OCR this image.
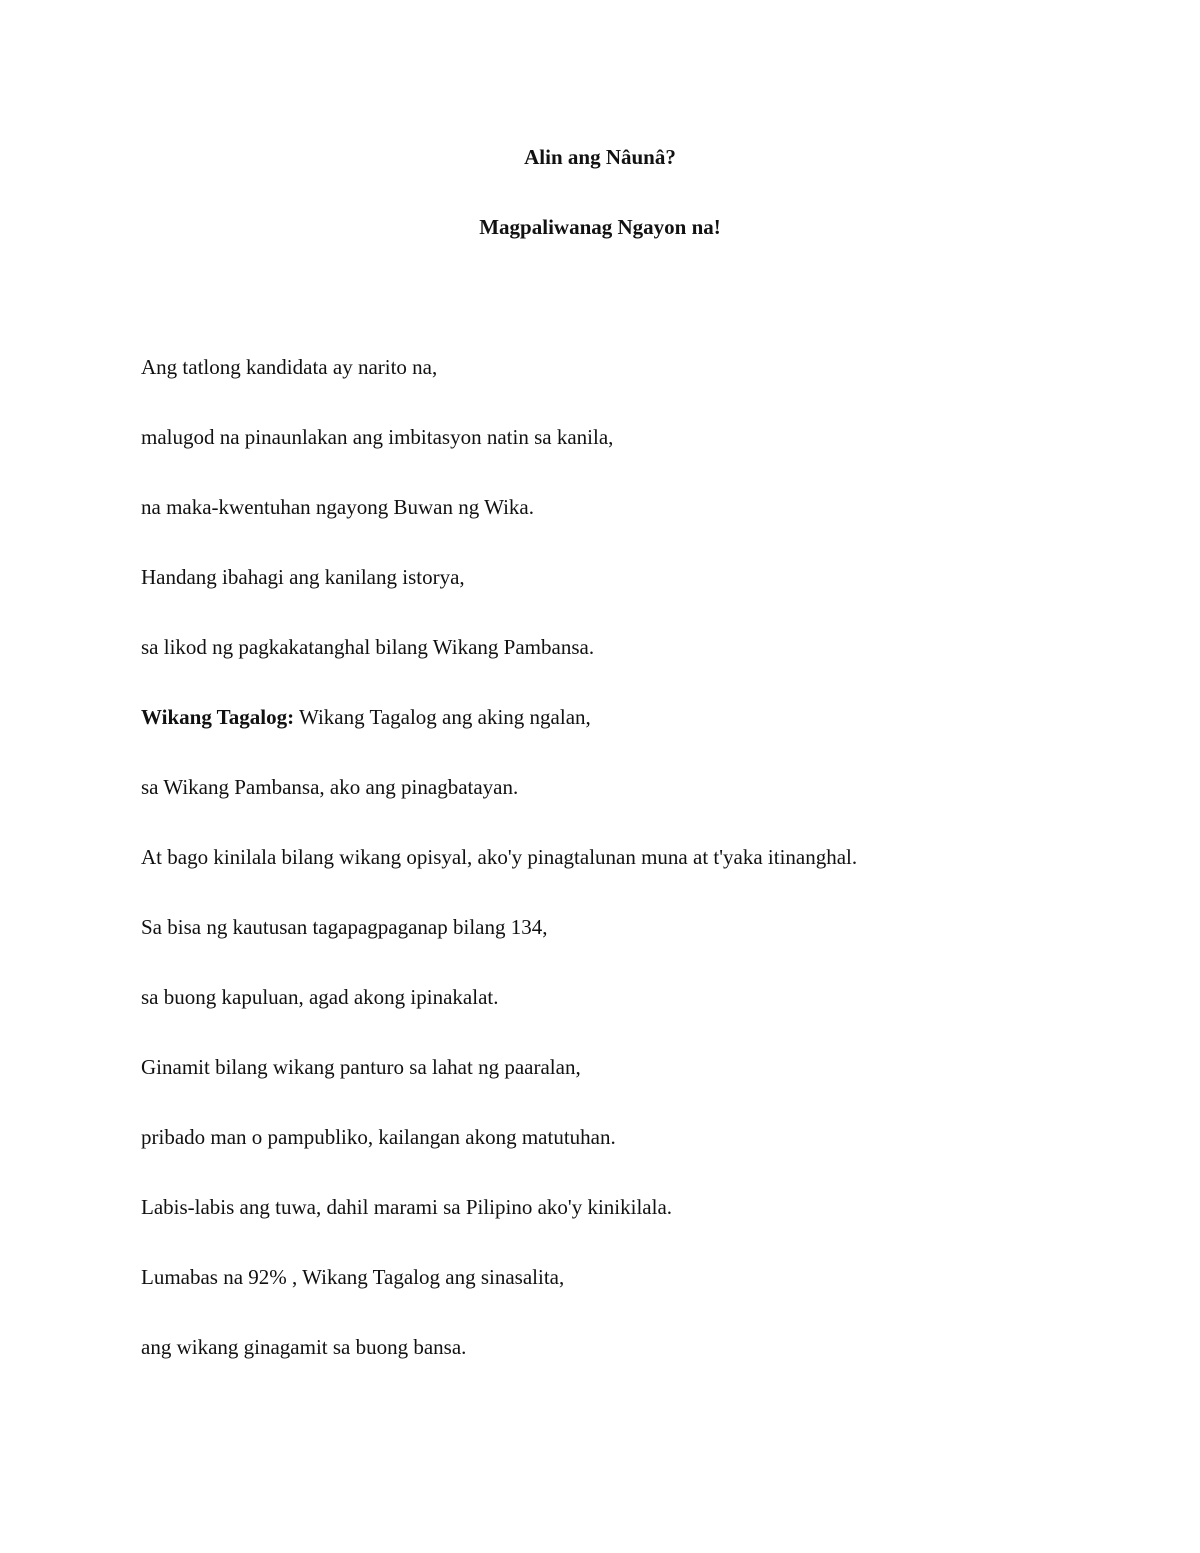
Alin ang Nâunâ?

Magpaliwanag Ngayon na!

Ang tatlong kandidata ay narito na,

malugod na pinaunlakan ang imbitasyon natin sa kanila,

na maka-kwentuhan ngayong Buwan ng Wika.

Handang ibahagi ang kanilang istorya,

sa likod ng pagkakatanghal bilang Wikang Pambansa.

Wikang Tagalog: Wikang Tagalog ang aking ngalan,

sa Wikang Pambansa, ako ang pinagbatayan.

At bago kinilala bilang wikang opisyal, ako'y pinagtalunan muna at t'yaka itinanghal.

Sa bisa ng kautusan tagapagpaganap bilang 134,

sa buong kapuluan, agad akong ipinakalat.

Ginamit bilang wikang panturo sa lahat ng paaralan,

pribado man o pampubliko, kailangan akong matutuhan.

Labis-labis ang tuwa, dahil marami sa Pilipino ako'y kinikilala.

Lumabas na 92% , Wikang Tagalog ang sinasalita,

ang wikang ginagamit sa buong bansa.
